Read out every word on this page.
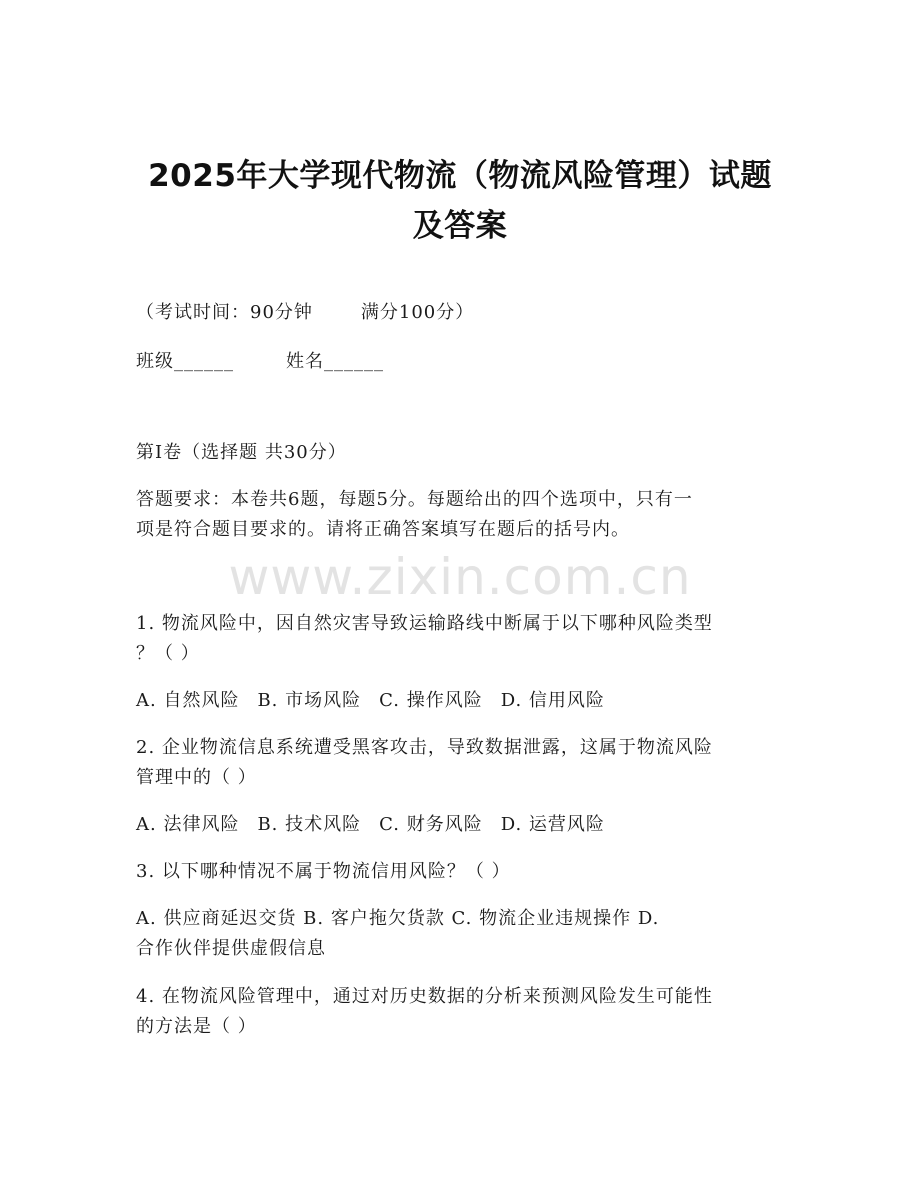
2025年大学现代物流（物流风险管理）试题
及答案
（考试时间：90分钟	满分100分）
班级______	姓名______
第I卷（选择题 共30分）
答题要求：本卷共6题，每题5分。每题给出的四个选项中，只有一
项是符合题目要求的。请将正确答案填写在题后的括号内。
www.zixin.com.cn
1. 物流风险中，因自然灾害导致运输路线中断属于以下哪种风险类型
？（ ）
A. 自然风险 B. 市场风险 C. 操作风险 D. 信用风险
2. 企业物流信息系统遭受黑客攻击，导致数据泄露，这属于物流风险
管理中的（ ）
A. 法律风险 B. 技术风险 C. 财务风险 D. 运营风险
3. 以下哪种情况不属于物流信用风险？（ ）
A. 供应商延迟交货 B. 客户拖欠货款 C. 物流企业违规操作 D.
合作伙伴提供虚假信息
4. 在物流风险管理中，通过对历史数据的分析来预测风险发生可能性
的方法是（ ）
